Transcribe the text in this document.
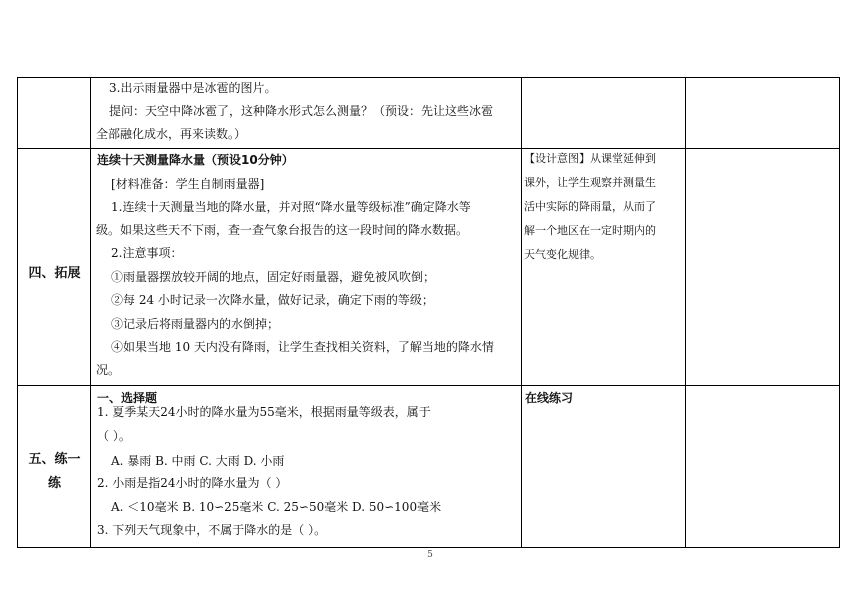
3.出示雨量器中是冰雹的图片。
提问：天空中降冰雹了，这种降水形式怎么测量？（预设：先让这些冰雹
全部融化成水，再来读数。）
四、拓展
连续十天测量降水量（预设10分钟）
[材料准备：学生自制雨量器]
1.连续十天测量当地的降水量，并对照“降水量等级标准”确定降水等
级。如果这些天不下雨，查一查气象台报告的这一段时间的降水数据。
2.注意事项：
①雨量器摆放较开阔的地点，固定好雨量器，避免被风吹倒；
②每 24 小时记录一次降水量，做好记录，确定下雨的等级；
③记录后将雨量器内的水倒掉；
④如果当地 10 天内没有降雨，让学生查找相关资料，了解当地的降水情
况。
【设计意图】从课堂延伸到
课外，让学生观察并测量生
活中实际的降雨量，从而了
解一个地区在一定时期内的
天气变化规律。
五、练一
练
一、选择题
1. 夏季某天24小时的降水量为55毫米，根据雨量等级表，属于
（ ）。
A. 暴雨 B. 中雨 C. 大雨 D. 小雨
2. 小雨是指24小时的降水量为（ ）
A. ＜10毫米 B. 10∽25毫米 C. 25∽50毫米 D. 50∽100毫米
3. 下列天气现象中，不属于降水的是（ ）。
在线练习
5
